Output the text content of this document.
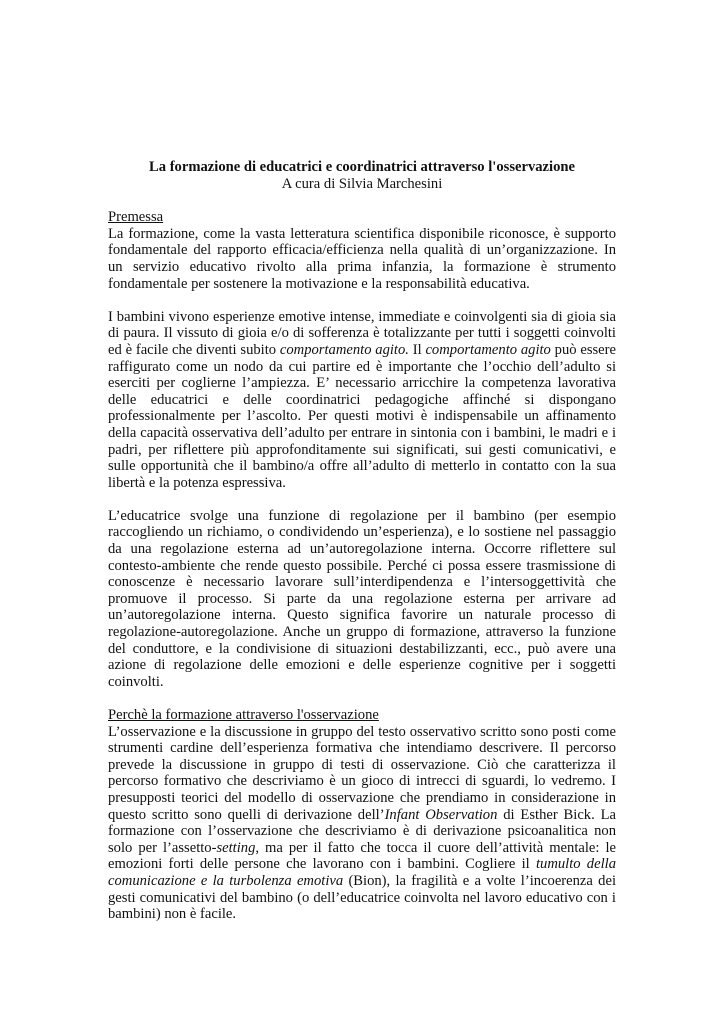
La formazione di educatrici e coordinatrici attraverso l'osservazione

A cura di Silvia Marchesini

Premessa

La formazione, come la vasta letteratura scientifica disponibile riconosce, è supporto fondamentale del rapporto efficacia/efficienza nella qualità di un’organizzazione. In un servizio educativo rivolto alla prima infanzia, la formazione è strumento fondamentale per sostenere la motivazione e la responsabilità educativa.

I bambini vivono esperienze emotive intense, immediate e coinvolgenti sia di gioia sia di paura. Il vissuto di gioia e/o di sofferenza è totalizzante per tutti i soggetti coinvolti ed è facile che diventi subito comportamento agito. Il comportamento agito può essere raffigurato come un nodo da cui partire ed è importante che l’occhio dell’adulto si eserciti per coglierne l’ampiezza. E’ necessario arricchire la competenza lavorativa delle educatrici e delle coordinatrici pedagogiche affinché si dispongano professionalmente per l’ascolto. Per questi motivi è indispensabile un affinamento della capacità osservativa dell’adulto per entrare in sintonia con i bambini, le madri e i padri, per riflettere più approfonditamente sui significati, sui gesti comunicativi, e sulle opportunità che il bambino/a offre all’adulto di metterlo in contatto con la sua libertà e la potenza espressiva.

L’educatrice svolge una funzione di regolazione per il bambino (per esempio raccogliendo un richiamo, o condividendo un’esperienza), e lo sostiene nel passaggio da una regolazione esterna ad un’autoregolazione interna. Occorre riflettere sul contesto-ambiente che rende questo possibile. Perché ci possa essere trasmissione di conoscenze è necessario lavorare sull’interdipendenza e l’intersoggettività che promuove il processo. Si parte da una regolazione esterna per arrivare ad un’autoregolazione interna. Questo significa favorire un naturale processo di regolazione-autoregolazione. Anche un gruppo di formazione, attraverso la funzione del conduttore, e la condivisione di situazioni destabilizzanti, ecc., può avere una azione di regolazione delle emozioni e delle esperienze cognitive per i soggetti coinvolti.

Perchè la formazione attraverso l'osservazione

L’osservazione e la discussione in gruppo del testo osservativo scritto sono posti come strumenti cardine dell’esperienza formativa che intendiamo descrivere. Il percorso prevede la discussione in gruppo di testi di osservazione. Ciò che caratterizza il percorso formativo che descriviamo è un gioco di intrecci di sguardi, lo vedremo. I presupposti teorici del modello di osservazione che prendiamo in considerazione in questo scritto sono quelli di derivazione dell’Infant Observation di Esther Bick. La formazione con l’osservazione che descriviamo è di derivazione psicoanalitica non solo per l’assetto-setting, ma per il fatto che tocca il cuore dell’attività mentale: le emozioni forti delle persone che lavorano con i bambini. Cogliere il tumulto della comunicazione e la turbolenza emotiva (Bion), la fragilità e a volte l’incoerenza dei gesti comunicativi del bambino (o dell’educatrice coinvolta nel lavoro educativo con i bambini) non è facile.
